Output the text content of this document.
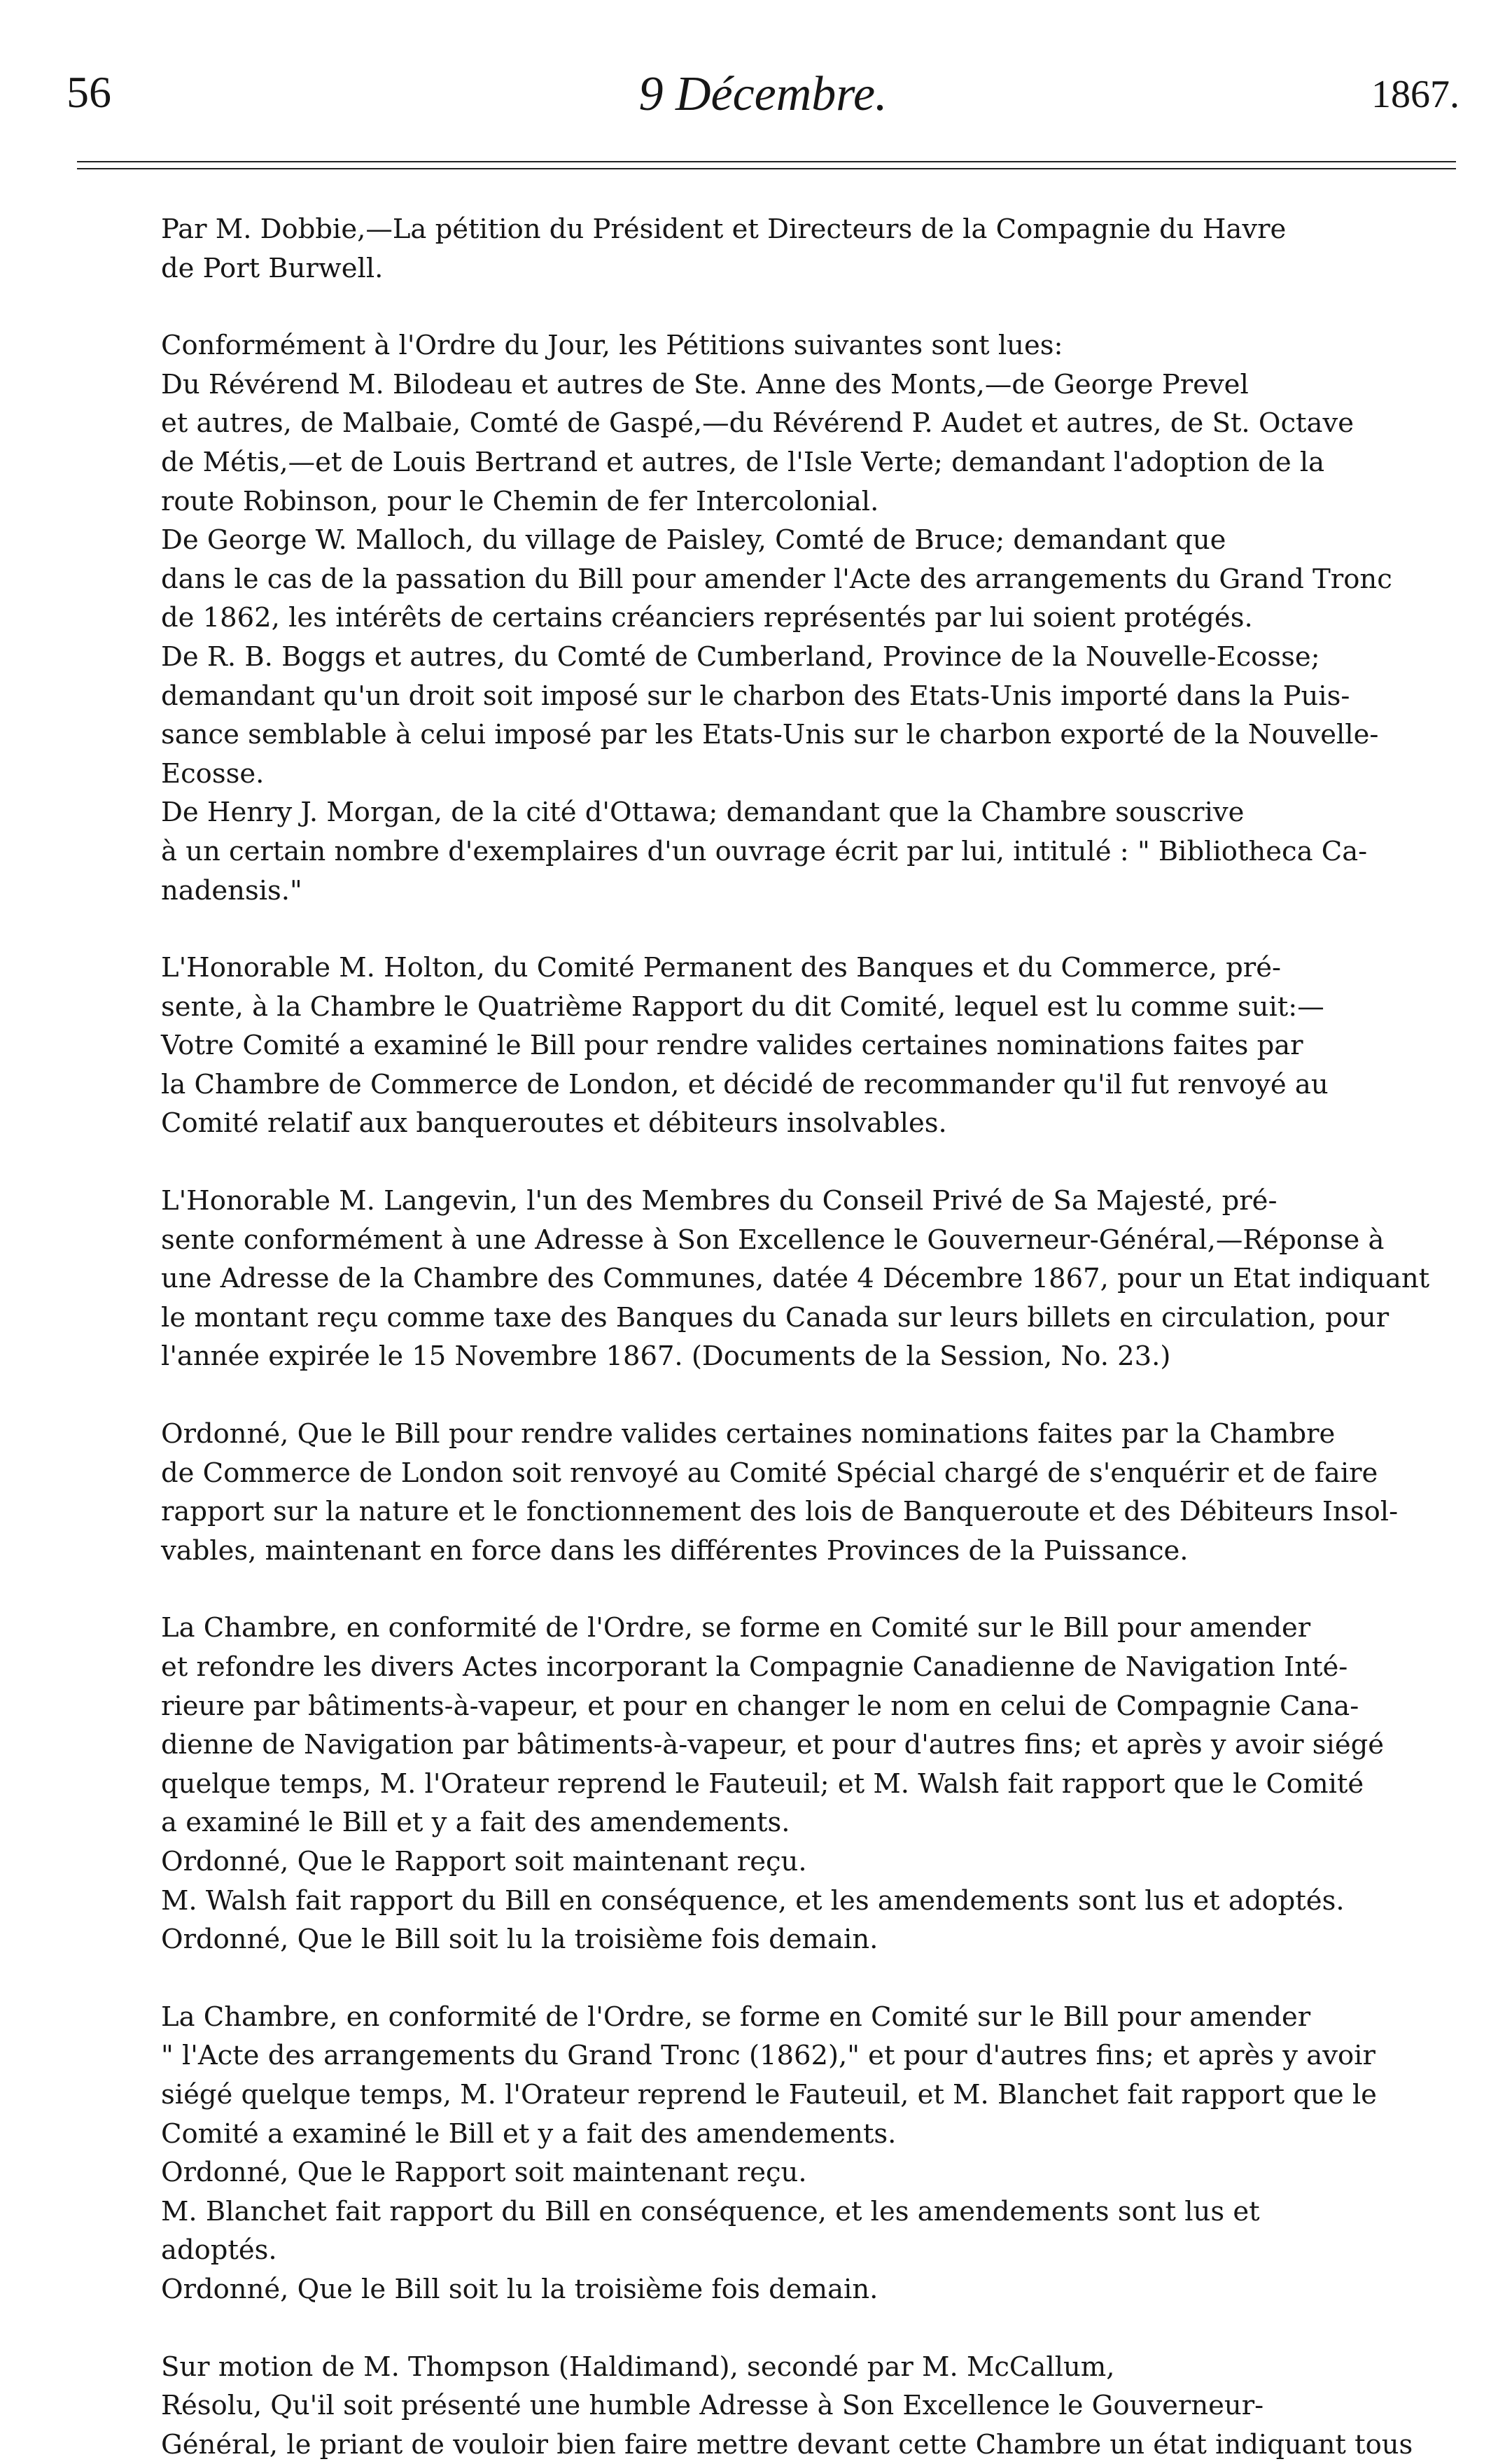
56	9 Décembre.	1867.

Par M. Dobbie,—La pétition du Président et Directeurs de la Compagnie du Havre
de Port Burwell.

Conformément à l'Ordre du Jour, les Pétitions suivantes sont lues:
Du Révérend M. Bilodeau et autres de Ste. Anne des Monts,—de George Prevel
et autres, de Malbaie, Comté de Gaspé,—du Révérend P. Audet et autres, de St. Octave
de Métis,—et de Louis Bertrand et autres, de l'Isle Verte; demandant l'adoption de la
route Robinson, pour le Chemin de fer Intercolonial.

De George W. Malloch, du village de Paisley, Comté de Bruce; demandant que
dans le cas de la passation du Bill pour amender l'Acte des arrangements du Grand Tronc
de 1862, les intérêts de certains créanciers représentés par lui soient protégés.

De R. B. Boggs et autres, du Comté de Cumberland, Province de la Nouvelle-Ecosse;
demandant qu'un droit soit imposé sur le charbon des Etats-Unis importé dans la Puis-
sance semblable à celui imposé par les Etats-Unis sur le charbon exporté de la Nouvelle-
Ecosse.

De Henry J. Morgan, de la cité d'Ottawa; demandant que la Chambre souscrive
à un certain nombre d'exemplaires d'un ouvrage écrit par lui, intitulé : " Bibliotheca Ca-
nadensis."

L'Honorable M. Holton, du Comité Permanent des Banques et du Commerce, pré-
sente, à la Chambre le Quatrième Rapport du dit Comité, lequel est lu comme suit:—

Votre Comité a examiné le Bill pour rendre valides certaines nominations faites par
la Chambre de Commerce de London, et décidé de recommander qu'il fut renvoyé au
Comité relatif aux banqueroutes et débiteurs insolvables.

L'Honorable M. Langevin, l'un des Membres du Conseil Privé de Sa Majesté, pré-
sente conformément à une Adresse à Son Excellence le Gouverneur-Général,—Réponse à
une Adresse de la Chambre des Communes, datée 4 Décembre 1867, pour un Etat indiquant
le montant reçu comme taxe des Banques du Canada sur leurs billets en circulation, pour
l'année expirée le 15 Novembre 1867. (Documents de la Session, No. 23.)

Ordonné, Que le Bill pour rendre valides certaines nominations faites par la Chambre
de Commerce de London soit renvoyé au Comité Spécial chargé de s'enquérir et de faire
rapport sur la nature et le fonctionnement des lois de Banqueroute et des Débiteurs Insol-
vables, maintenant en force dans les différentes Provinces de la Puissance.

La Chambre, en conformité de l'Ordre, se forme en Comité sur le Bill pour amender
et refondre les divers Actes incorporant la Compagnie Canadienne de Navigation Inté-
rieure par bâtiments-à-vapeur, et pour en changer le nom en celui de Compagnie Cana-
dienne de Navigation par bâtiments-à-vapeur, et pour d'autres fins; et après y avoir siégé
quelque temps, M. l'Orateur reprend le Fauteuil; et M. Walsh fait rapport que le Comité
a examiné le Bill et y a fait des amendements.

Ordonné, Que le Rapport soit maintenant reçu.

M. Walsh fait rapport du Bill en conséquence, et les amendements sont lus et adoptés.

Ordonné, Que le Bill soit lu la troisième fois demain.

La Chambre, en conformité de l'Ordre, se forme en Comité sur le Bill pour amender
" l'Acte des arrangements du Grand Tronc (1862)," et pour d'autres fins; et après y avoir
siégé quelque temps, M. l'Orateur reprend le Fauteuil, et M. Blanchet fait rapport que le
Comité a examiné le Bill et y a fait des amendements.

Ordonné, Que le Rapport soit maintenant reçu.

M. Blanchet fait rapport du Bill en conséquence, et les amendements sont lus et
adoptés.

Ordonné, Que le Bill soit lu la troisième fois demain.

Sur motion de M. Thompson (Haldimand), secondé par M. McCallum,

Résolu, Qu'il soit présenté une humble Adresse à Son Excellence le Gouverneur-
Général, le priant de vouloir bien faire mettre devant cette Chambre un état indiquant tous
